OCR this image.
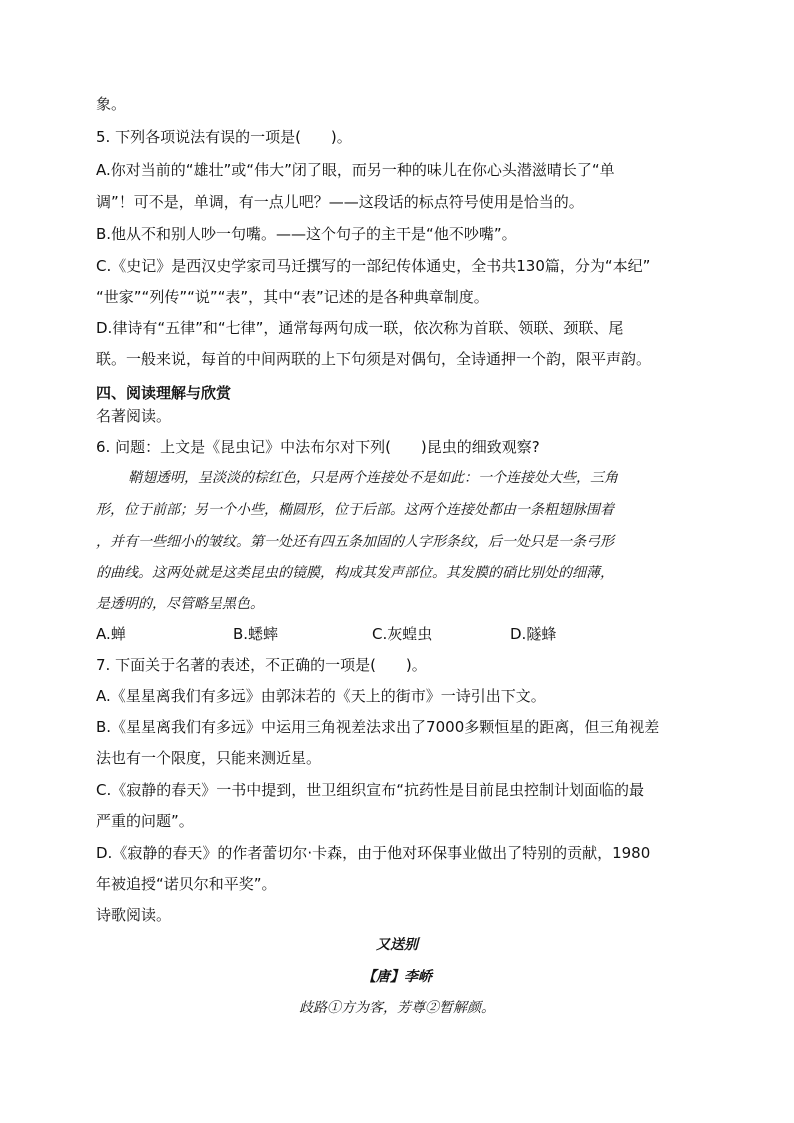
象。
5. 下列各项说法有误的一项是(　　)。
A.你对当前的“雄壮”或“伟大”闭了眼，而另一种的味儿在你心头潜滋晴长了“单
调”！可不是，单调，有一点儿吧？——这段话的标点符号使用是恰当的。
B.他从不和别人吵一句嘴。——这个句子的主干是“他不吵嘴”。
C.《史记》是西汉史学家司马迁撰写的一部纪传体通史，全书共130篇，分为“本纪”
“世家”“列传”“说”“表”，其中“表”记述的是各种典章制度。
D.律诗有“五律”和“七律”，通常每两句成一联，依次称为首联、领联、颈联、尾
联。一般来说，每首的中间两联的上下句须是对偶句，全诗通押一个韵，限平声韵。
四、阅读理解与欣赏
名著阅读。
6. 问题：上文是《昆虫记》中法布尔对下列(　　)昆虫的细致观察?
鞘翅透明，呈淡淡的棕红色，只是两个连接处不是如此：一个连接处大些，三角
形，位于前部；另一个小些，椭圆形，位于后部。这两个连接处都由一条粗翅脉围着
，并有一些细小的皱纹。第一处还有四五条加固的人字形条纹，后一处只是一条弓形
的曲线。这两处就是这类昆虫的镜膜，构成其发声部位。其发膜的硝比别处的细薄，
是透明的，尽管略呈黑色。
A.蝉	B.蟋蟀	C.灰蝗虫	D.隧蜂
7. 下面关于名著的表述，不正确的一项是(　　)。
A.《星星离我们有多远》由郭沫若的《天上的街市》一诗引出下文。
B.《星星离我们有多远》中运用三角视差法求出了7000多颗恒星的距离，但三角视差
法也有一个限度，只能来测近星。
C.《寂静的春天》一书中提到，世卫组织宣布“抗药性是目前昆虫控制计划面临的最
严重的问题”。
D.《寂静的春天》的作者蕾切尔·卡森，由于他对环保事业做出了特别的贡献，1980
年被追授“诺贝尔和平奖”。
诗歌阅读。
又送别
【唐】李峤
歧路①方为客，芳尊②暂解颜。
